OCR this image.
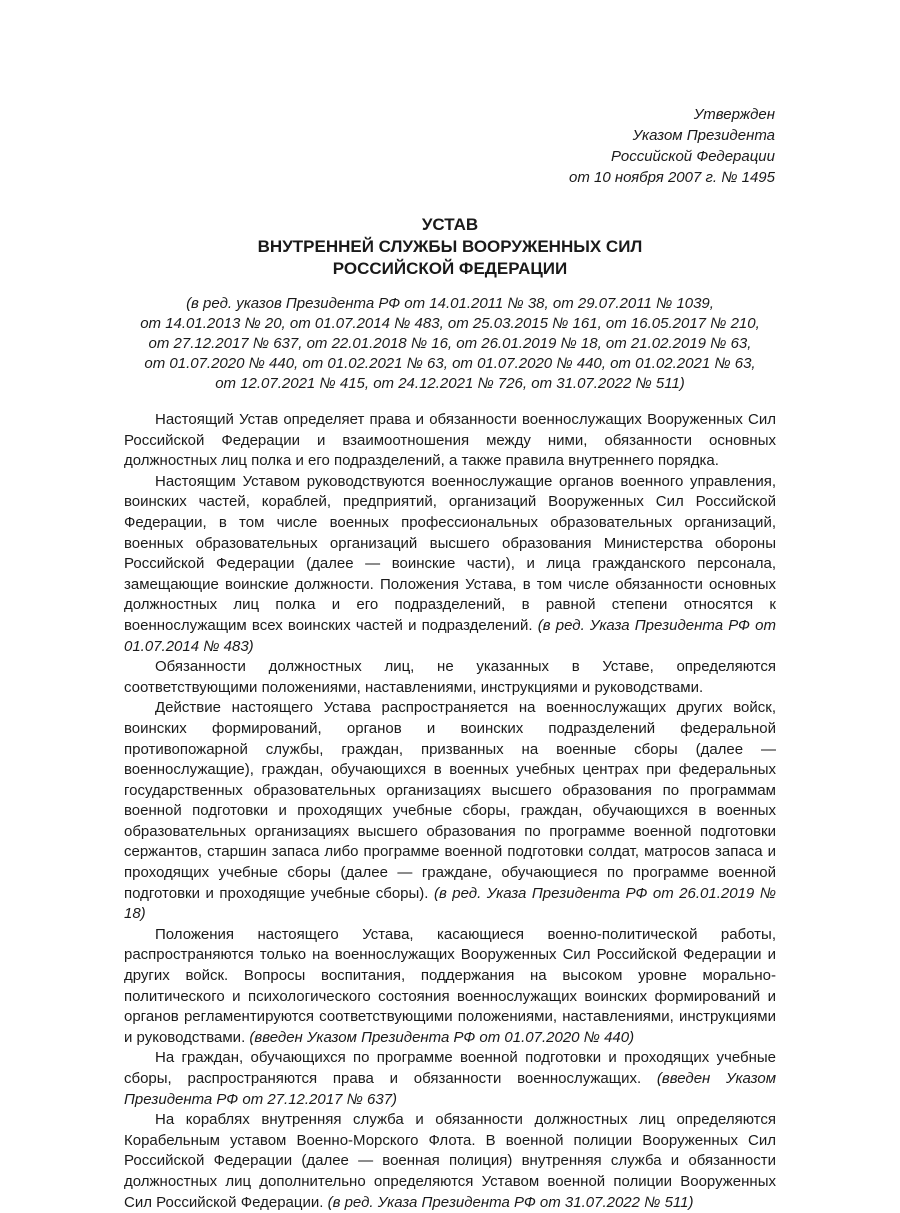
Утвержден
Указом Президента
Российской Федерации
от 10 ноября 2007 г. № 1495
УСТАВ
ВНУТРЕННЕЙ СЛУЖБЫ ВООРУЖЕННЫХ СИЛ
РОССИЙСКОЙ ФЕДЕРАЦИИ
(в ред. указов Президента РФ от 14.01.2011 № 38, от 29.07.2011 № 1039,
от 14.01.2013 № 20, от 01.07.2014 № 483, от 25.03.2015 № 161, от 16.05.2017 № 210,
от 27.12.2017 № 637, от 22.01.2018 № 16, от 26.01.2019 № 18, от 21.02.2019 № 63,
от 01.07.2020 № 440, от 01.02.2021 № 63, от 01.07.2020 № 440, от 01.02.2021 № 63,
от 12.07.2021 № 415, от 24.12.2021 № 726, от 31.07.2022 № 511)

Настоящий Устав определяет права и обязанности военнослужащих Вооруженных Сил Российской Федерации и взаимоотношения между ними, обязанности основных должностных лиц полка и его подразделений, а также правила внутреннего порядка.

Настоящим Уставом руководствуются военнослужащие органов военного управления, воинских частей, кораблей, предприятий, организаций Вооруженных Сил Российской Федерации, в том числе военных профессиональных образовательных организаций, военных образовательных организаций высшего образования Министерства обороны Российской Федерации (далее — воинские части), и лица гражданского персонала, замещающие воинские должности. Положения Устава, в том числе обязанности основных должностных лиц полка и его подразделений, в равной степени относятся к военнослужащим всех воинских частей и подразделений. (в ред. Указа Президента РФ от 01.07.2014 № 483)

Обязанности должностных лиц, не указанных в Уставе, определяются соответствующими положениями, наставлениями, инструкциями и руководствами.

Действие настоящего Устава распространяется на военнослужащих других войск, воинских формирований, органов и воинских подразделений федеральной противопожарной службы, граждан, призванных на военные сборы (далее — военнослужащие), граждан, обучающихся в военных учебных центрах при федеральных государственных образовательных организациях высшего образования по программам военной подготовки и проходящих учебные сборы, граждан, обучающихся в военных образовательных организациях высшего образования по программе военной подготовки сержантов, старшин запаса либо программе военной подготовки солдат, матросов запаса и проходящих учебные сборы (далее — граждане, обучающиеся по программе военной подготовки и проходящие учебные сборы). (в ред. Указа Президента РФ от 26.01.2019 № 18)

Положения настоящего Устава, касающиеся военно-политической работы, распространяются только на военнослужащих Вооруженных Сил Российской Федерации и других войск. Вопросы воспитания, поддержания на высоком уровне морально-политического и психологического состояния военнослужащих воинских формирований и органов регламентируются соответствующими положениями, наставлениями, инструкциями и руководствами. (введен Указом Президента РФ от 01.07.2020 № 440)

На граждан, обучающихся по программе военной подготовки и проходящих учебные сборы, распространяются права и обязанности военнослужащих. (введен Указом Президента РФ от 27.12.2017 № 637)

На кораблях внутренняя служба и обязанности должностных лиц определяются Корабельным уставом Военно-Морского Флота. В военной полиции Вооруженных Сил Российской Федерации (далее — военная полиция) внутренняя служба и обязанности должностных лиц дополнительно определяются Уставом военной полиции Вооруженных Сил Российской Федерации. (в ред. Указа Президента РФ от 31.07.2022 № 511)
